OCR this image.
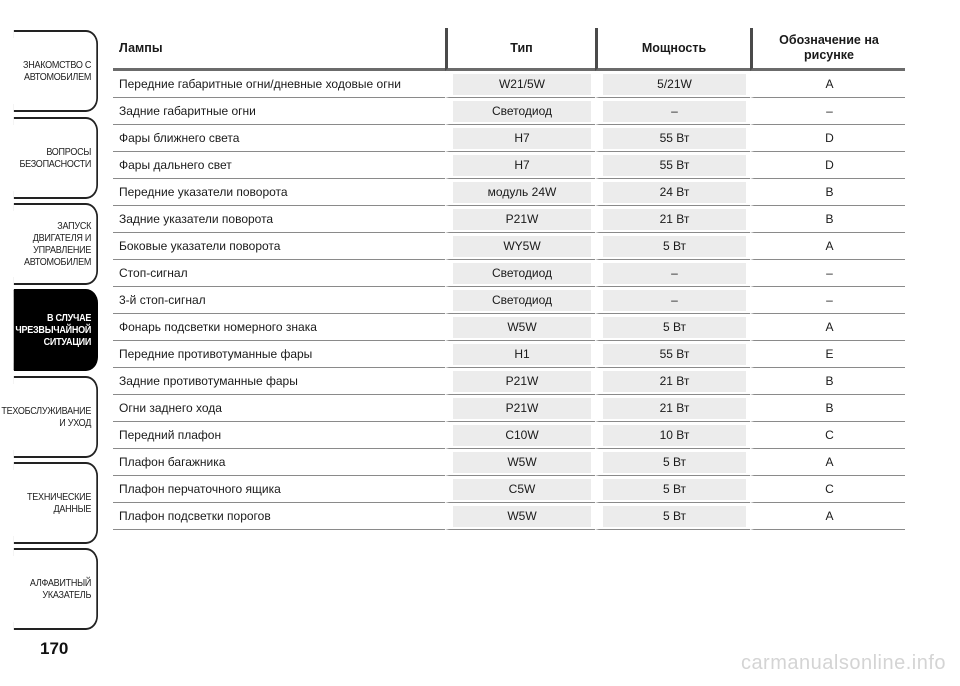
ЗНАКОМСТВО С
АВТОМОБИЛЕМ
ВОПРОСЫ
БЕЗОПАСНОСТИ
ЗАПУСК ДВИГАТЕЛЯ И
УПРАВЛЕНИЕ
АВТОМОБИЛЕМ
В СЛУЧАЕ
ЧРЕЗВЫЧАЙНОЙ
СИТУАЦИИ
ТЕХОБСЛУЖИВАНИЕ
И УХОД
ТЕХНИЧЕСКИЕ
ДАННЫЕ
АЛФАВИТНЫЙ
УКАЗАТЕЛЬ
170
Лампы	Тип	Мощность	Обозначение на рисунке
Передние габаритные огни/дневные ходовые огни	W21/5W	5/21W	A

Задние габаритные огни	Светодиод	–	–

Фары ближнего света	H7	55 Вт	D

Фары дальнего свет	H7	55 Вт	D

Передние указатели поворота	модуль 24W	24 Вт	B

Задние указатели поворота	P21W	21 Вт	B

Боковые указатели поворота	WY5W	5 Вт	A

Стоп-сигнал	Светодиод	–	–

3-й стоп-сигнал	Светодиод	–	–

Фонарь подсветки номерного знака	W5W	5 Вт	A

Передние противотуманные фары	H1	55 Вт	E

Задние противотуманные фары	P21W	21 Вт	B

Огни заднего хода	P21W	21 Вт	B

Передний плафон	C10W	10 Вт	C

Плафон багажника	W5W	5 Вт	A

Плафон перчаточного ящика	C5W	5 Вт	C

Плафон подсветки порогов	W5W	5 Вт	A
carmanualsonline.info
